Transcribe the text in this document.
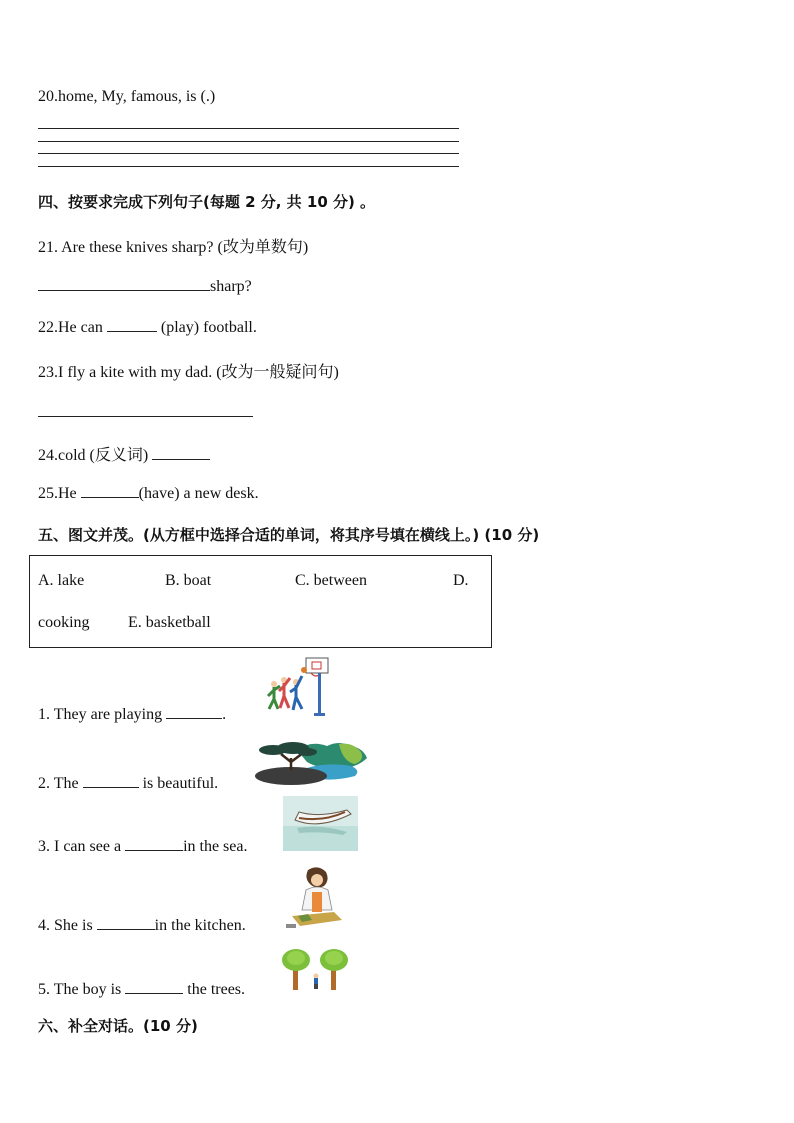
20.home, My, famous, is (.)
四、按要求完成下列句子(每题 2 分, 共 10 分) 。
21. Are these knives sharp? (改为单数句)
sharp?
22.He can	(play) football.
23.I fly a kite with my dad. (改为一般疑问句)
24.cold (反义词)
25.He	(have) a new desk.
五、图文并茂。(从方框中选择合适的单词，将其序号填在横线上。) (10 分)
A. lake	B. boat	C. between	D.
cooking E. basketball
1. They are playing	.
2. The	is beautiful.
3. I can see a	in the sea.
4. She is	in the kitchen.
5. The boy is	the trees.
六、补全对话。(10 分)
